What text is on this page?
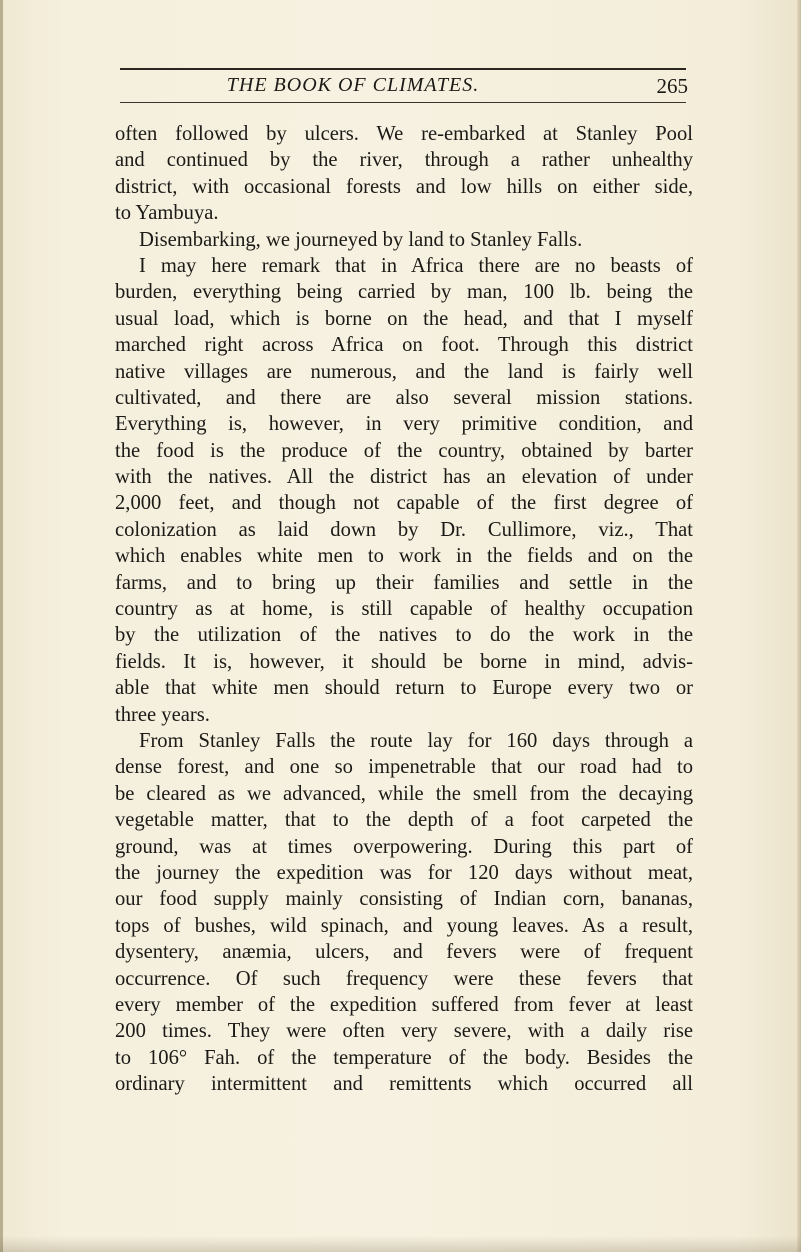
THE BOOK OF CLIMATES.	265
often followed by ulcers. We re-embarked at Stanley Pool
and continued by the river, through a rather unhealthy
district, with occasional forests and low hills on either side,
to Yambuya.
Disembarking, we journeyed by land to Stanley Falls.
I may here remark that in Africa there are no beasts of
burden, everything being carried by man, 100 lb. being the
usual load, which is borne on the head, and that I myself
marched right across Africa on foot. Through this district
native villages are numerous, and the land is fairly well
cultivated, and there are also several mission stations.
Everything is, however, in very primitive condition, and
the food is the produce of the country, obtained by barter
with the natives. All the district has an elevation of under
2,000 feet, and though not capable of the first degree of
colonization as laid down by Dr. Cullimore, viz., That
which enables white men to work in the fields and on the
farms, and to bring up their families and settle in the
country as at home, is still capable of healthy occupation
by the utilization of the natives to do the work in the
fields. It is, however, it should be borne in mind, advis-
able that white men should return to Europe every two or
three years.
From Stanley Falls the route lay for 160 days through a
dense forest, and one so impenetrable that our road had to
be cleared as we advanced, while the smell from the decaying
vegetable matter, that to the depth of a foot carpeted the
ground, was at times overpowering. During this part of
the journey the expedition was for 120 days without meat,
our food supply mainly consisting of Indian corn, bananas,
tops of bushes, wild spinach, and young leaves. As a result,
dysentery, anæmia, ulcers, and fevers were of frequent
occurrence. Of such frequency were these fevers that
every member of the expedition suffered from fever at least
200 times. They were often very severe, with a daily rise
to 106° Fah. of the temperature of the body. Besides the
ordinary intermittent and remittents which occurred all
